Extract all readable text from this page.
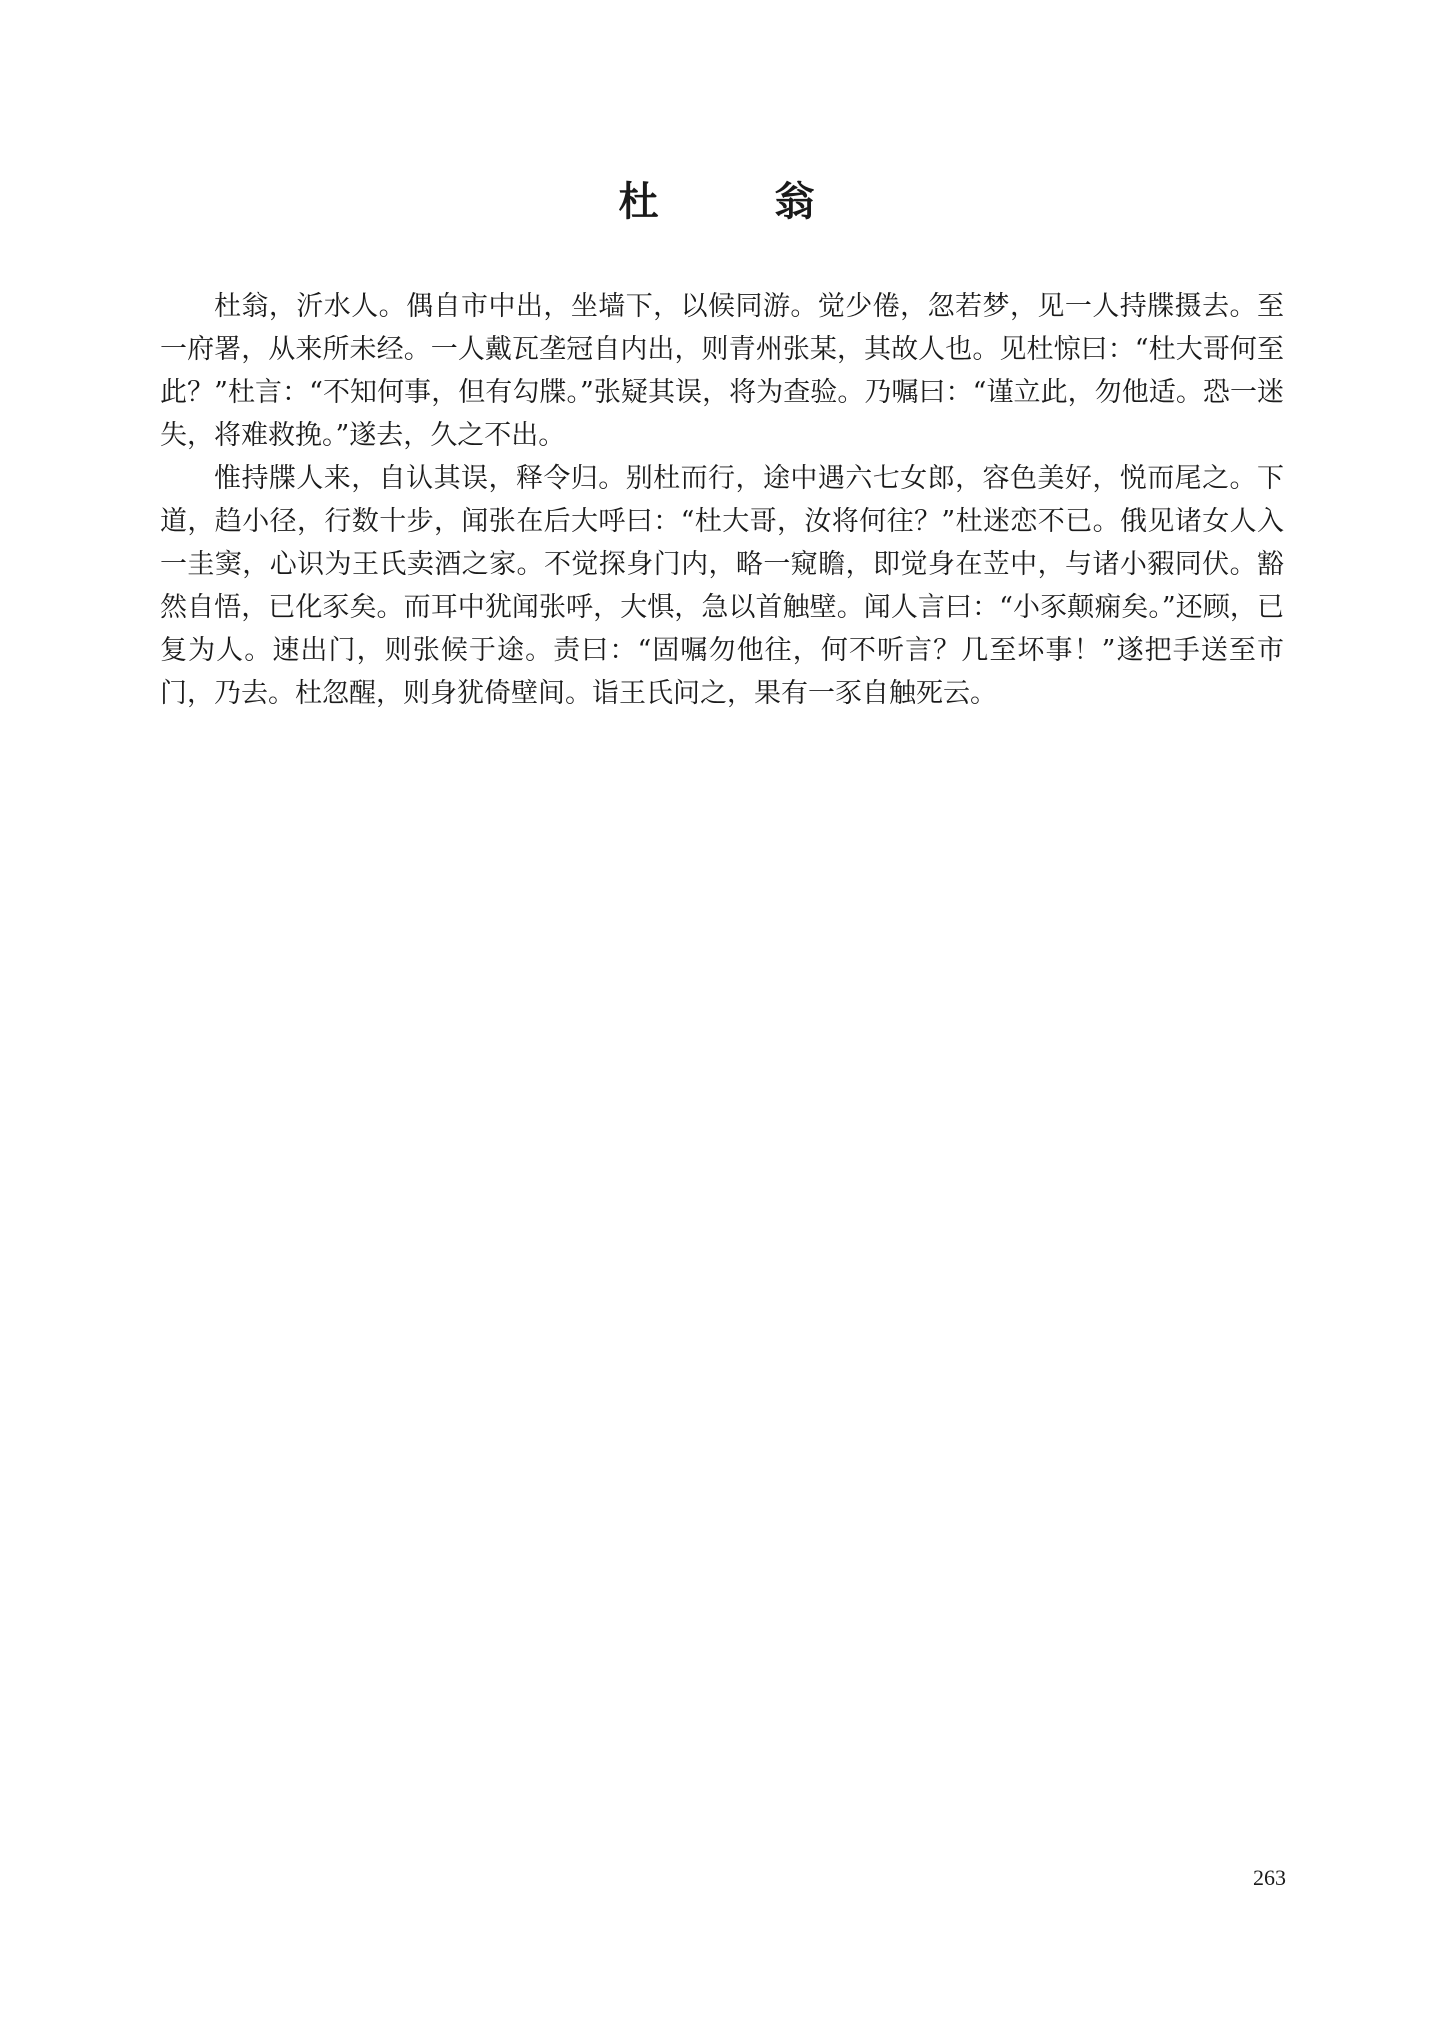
杜　翁

杜翁，沂水人。偶自市中出，坐墙下，以候同游。觉少倦，忽若梦，见一人持牒摄去。至一府署，从来所未经。一人戴瓦垄冠自内出，则青州张某，其故人也。见杜惊曰：“杜大哥何至此？”杜言：“不知何事，但有勾牒。”张疑其误，将为查验。乃嘱曰：“谨立此，勿他适。恐一迷失，将难救挽。”遂去，久之不出。

惟持牒人来，自认其误，释令归。别杜而行，途中遇六七女郎，容色美好，悦而尾之。下道，趋小径，行数十步，闻张在后大呼曰：“杜大哥，汝将何往？”杜迷恋不已。俄见诸女人入一圭窦，心识为王氏卖酒之家。不觉探身门内，略一窥瞻，即觉身在苙中，与诸小豭同伏。豁然自悟，已化豕矣。而耳中犹闻张呼，大惧，急以首触壁。闻人言曰：“小豕颠痫矣。”还顾，已复为人。速出门，则张候于途。责曰：“固嘱勿他往，何不听言？几至坏事！”遂把手送至市门，乃去。杜忽醒，则身犹倚壁间。诣王氏问之，果有一豕自触死云。

263
